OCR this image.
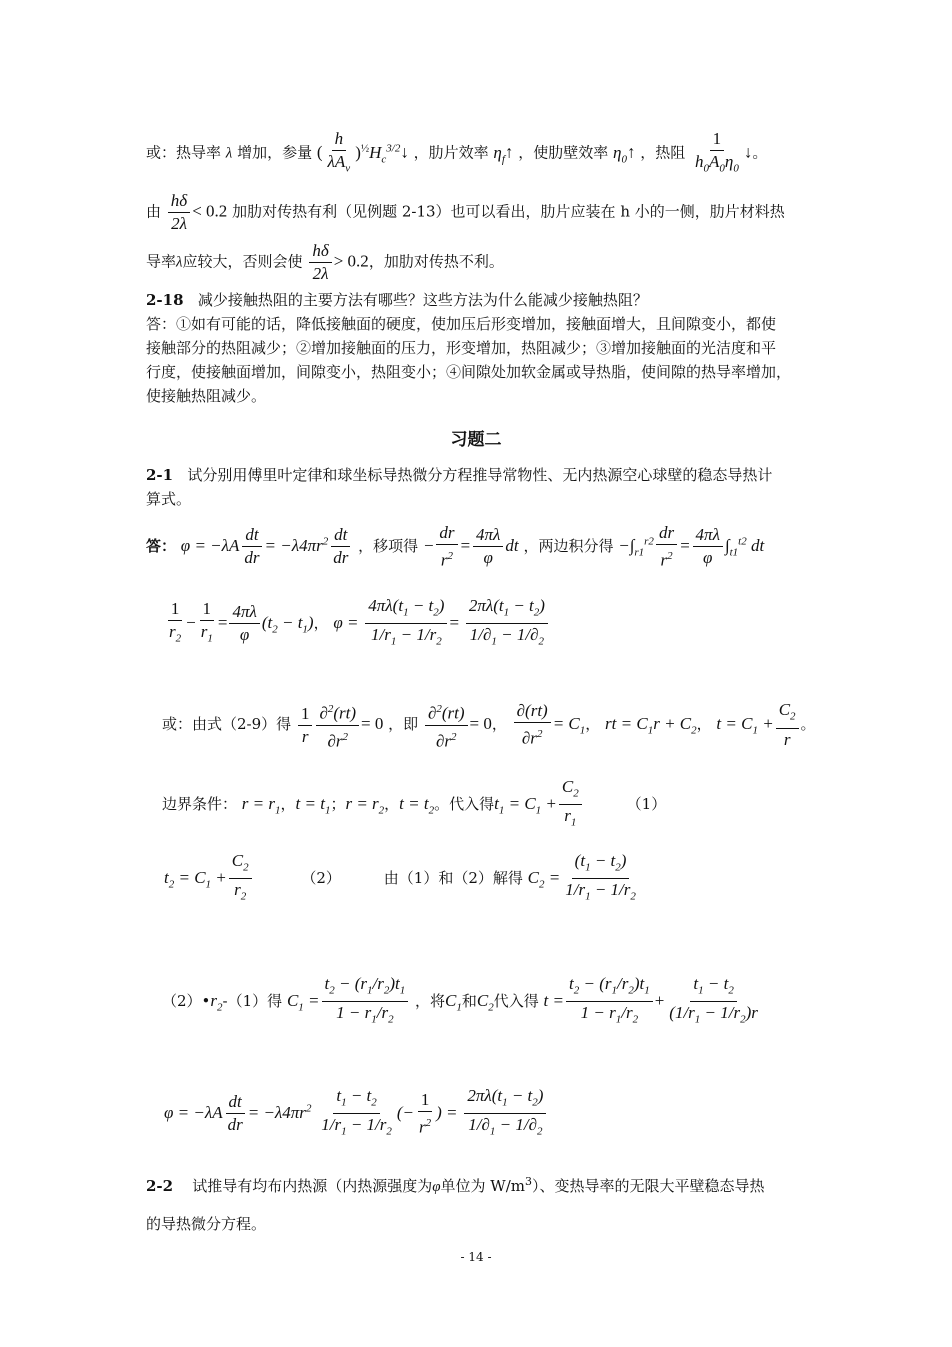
或：热导率 λ 增加，参量 (
h
$\lambda A_v$
)$^{\frac{1}{2}}H_c^{3/2}↓$ ，肋片效率 $\eta_f↑$ ，使肋壁效率 $\eta_0↑$ ，热阻 $\frac{1}{h_0A_0\eta_0}$ ↓。
由 $\frac{h\delta}{2\lambda} < 0.2$ 加肋对传热有利（见例题 2-13）也可以看出，肋片应装在 h 小的一侧，肋片材料热
导率λ应较大，否则会使 $\frac{h\delta}{2\lambda} > 0.2$，加肋对传热不利。
2-18 减少接触热阻的主要方法有哪些？这些方法为什么能减少接触热阻？
答：①如有可能的话，降低接触面的硬度，使加压后形变增加，接触面增大，且间隙变小，都使
接触部分的热阻减少；②增加接触面的压力，形变增加，热阻减少；③增加接触面的光洁度和平
行度，使接触面增加，间隙变小，热阻变小；④间隙处加软金属或导热脂，使间隙的热导率增加，
使接触热阻减少。
习题二
2-1 试分别用傅里叶定律和球坐标导热微分方程推导常物性、无内热源空心球壁的稳态导热计
算式。
答： $\varphi = -\lambda A \frac{dt}{dr} = -\lambda 4\pi r^2 \frac{dt}{dr}$ ，移项得 − $\frac{dr}{r^2} = \frac{4\pi\lambda}{\varphi}$ dt ，两边积分得 $-\int_{r1}^{r2} \frac{dr}{r^2} = \frac{4\pi\lambda}{\varphi} \int_{t1}^{t2}$ dt
$\frac{1}{r_2} - \frac{1}{r_1} = \frac{4\pi\lambda}{\varphi} (t_2 - t_1)$， $\varphi = \frac{4\pi\lambda(t_1 - t_2)}{1/r_1 - 1/r_2} = \frac{2\pi\lambda(t_1 - t_2)}{1/\partial_1 - 1/\partial_2}$
或：由式（2-9）得 $\frac{1}{r} \frac{\partial^2(rt)}{\partial r^2} = 0$ ，即 $\frac{\partial^2(rt)}{\partial r^2} = 0$， $\frac{\partial(rt)}{\partial r^2} = C_1$， rt = $C_1r + C_2$， $t = C_1 + \frac{C_2}{r}$ 。
边界条件： $r = r_1$，$t = t_1$；$r = r_2$，$t = t_2$。代入得$t_1 = C_1 + \frac{C_2}{r_1}$	（1）
$t_2 = C_1 + \frac{C_2}{r_2}$	（2）	由（1）和（2）解得 $C_2 = \frac{(t_1 - t_2)}{1/r_1 - 1/r_2}$
$(2)•r_2-(1)$得 $C_1 = \frac{t_2 - (r_1/r_2)t_1}{1 - r_1/r_2}$ ，将$C_1$和$C_2$代入得 $t = \frac{t_2 - (r_1/r_2)t_1}{1 - r_1/r_2} + \frac{t_1 - t_2}{(1/r_1 - 1/r_2)r}$
$\varphi = -\lambda A \frac{dt}{dr} = -\lambda 4\pi r^2 \frac{t_1 - t_2}{1/r_1 - 1/r_2}$ (− $\frac{1}{r^2}$ ) = $\frac{2\pi\lambda(t_1 - t_2)}{1/\partial_1 - 1/\partial_2}$
2-2 试推导有均布内热源（内热源强度为φ单位为 $W/m^3$）、变热导率的无限大平壁稳态导热
的导热微分方程。
- 14 -
